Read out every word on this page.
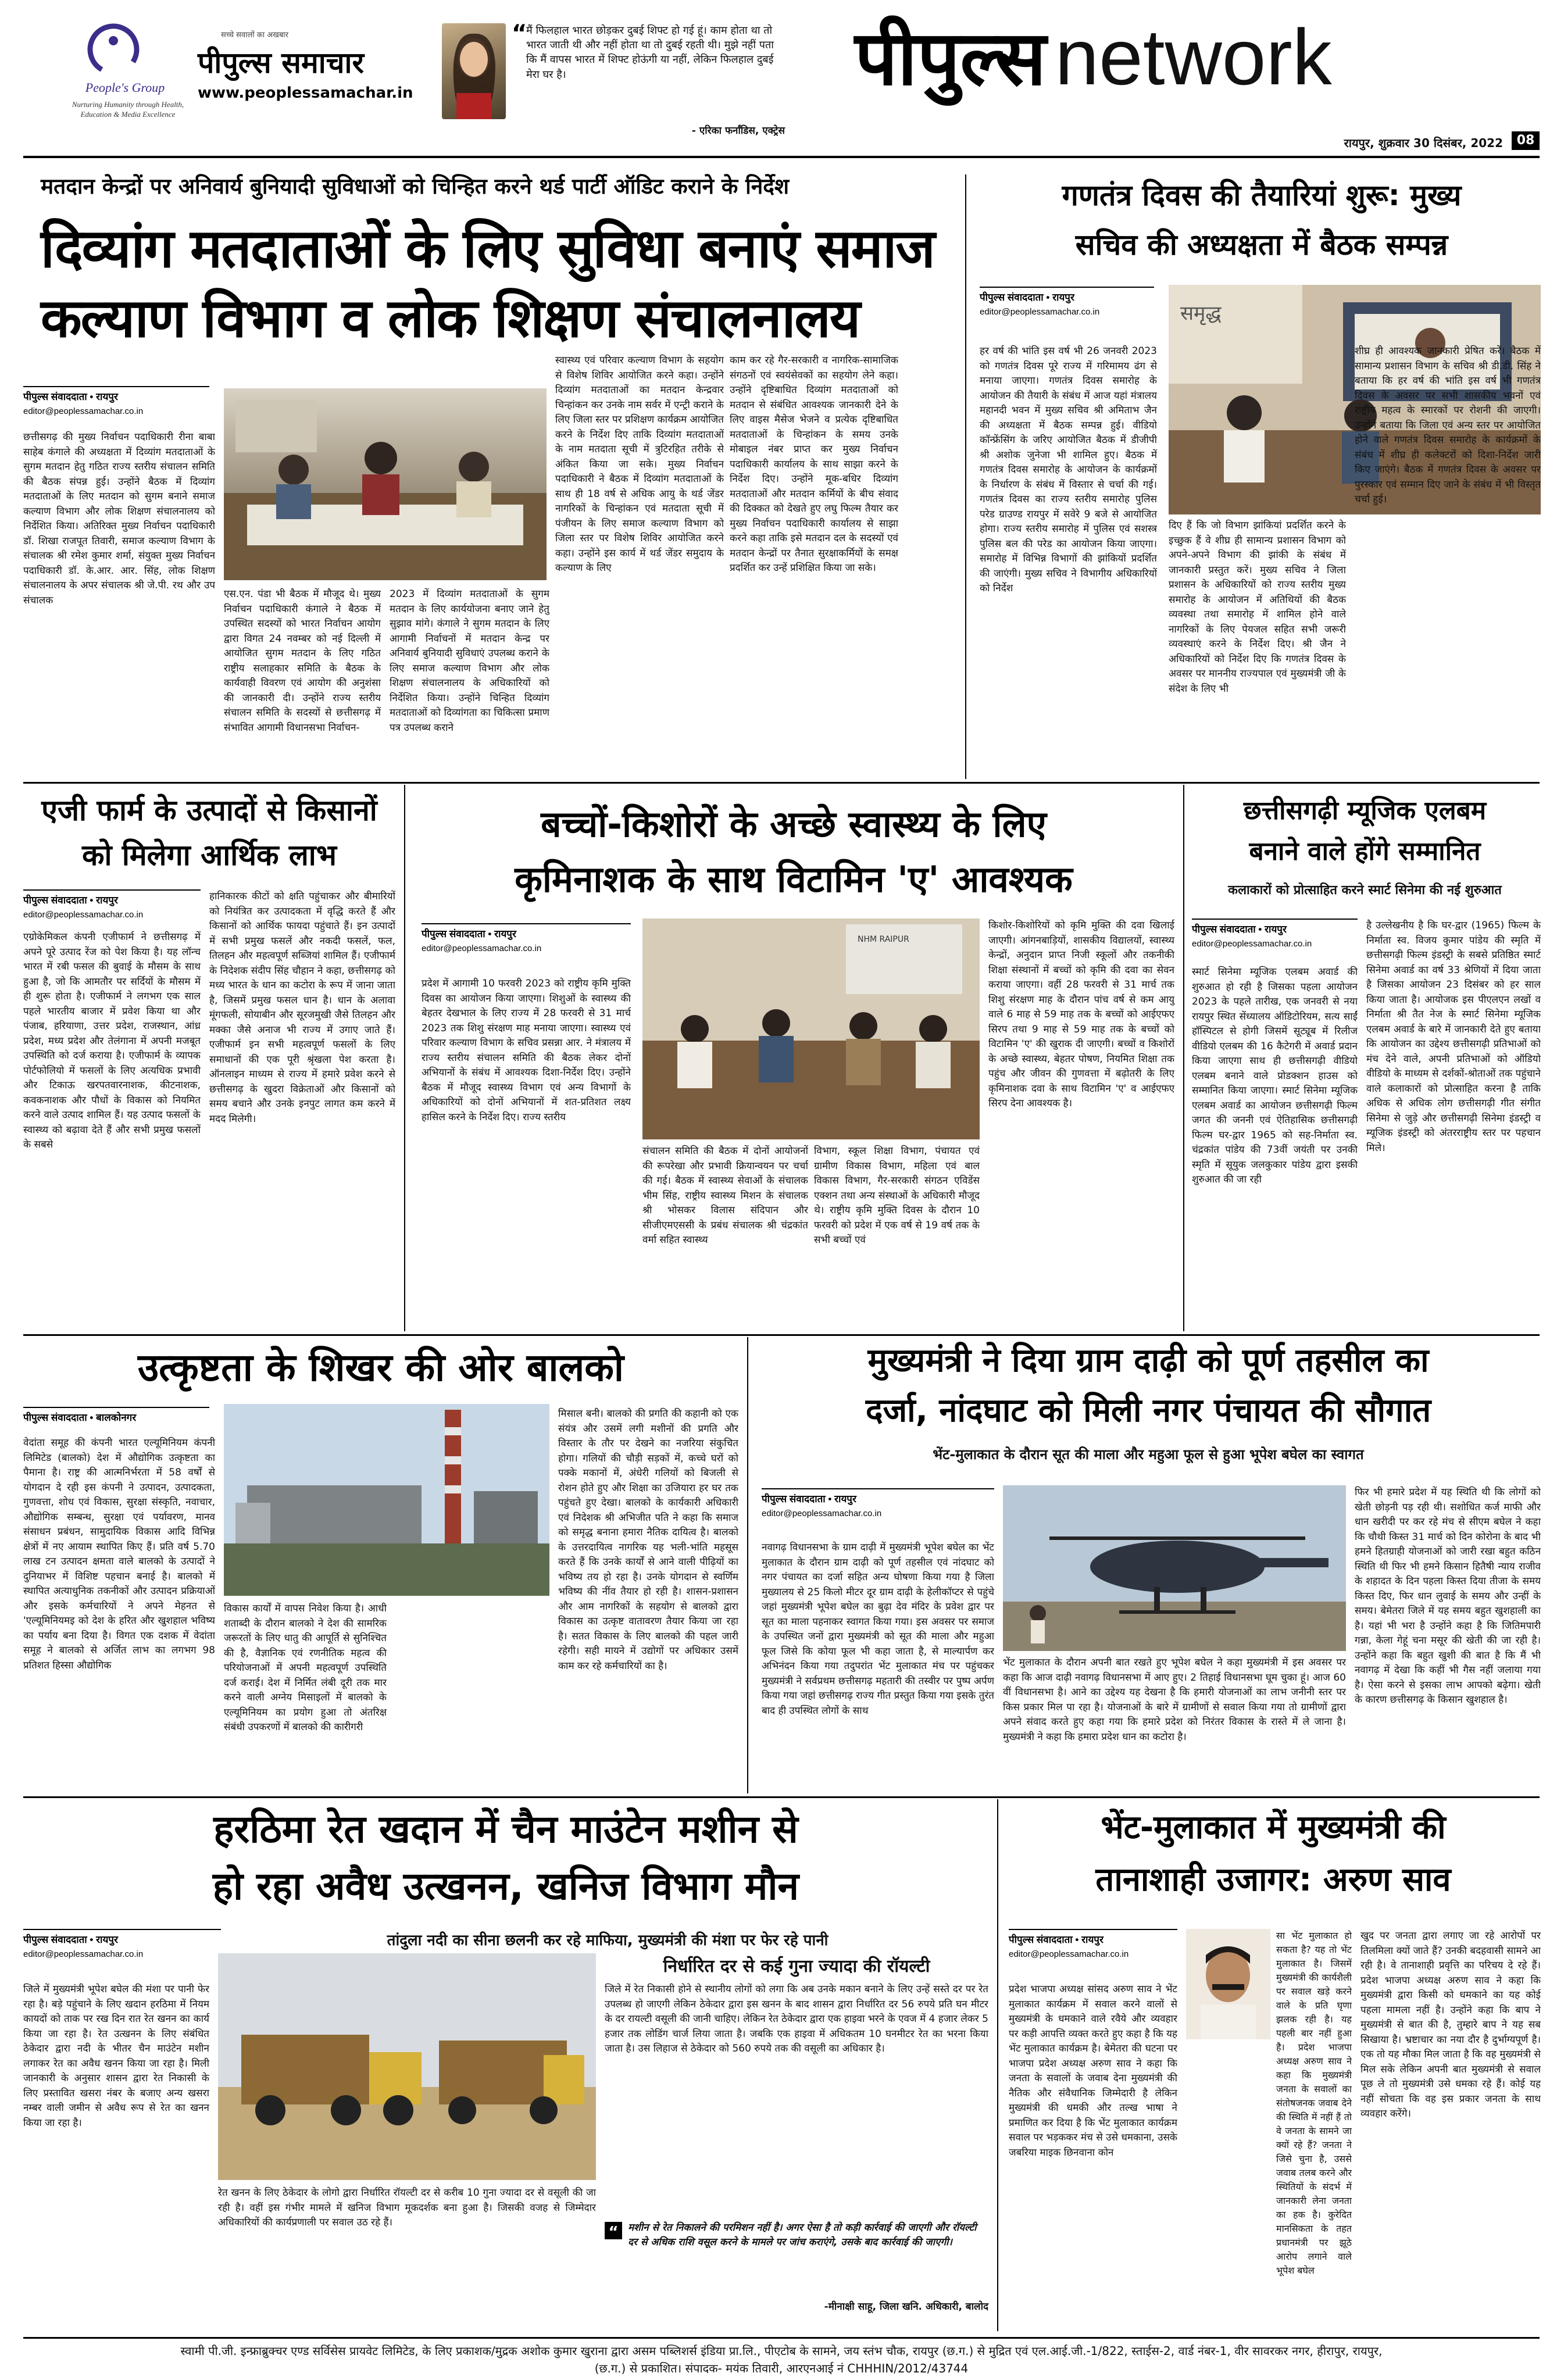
People's Group
Nurturing Humanity through Health, Education & Media Excellence
सच्चे सवालों का अखबार
पीपुल्स समाचार
www.peoplessamachar.in
“
मैं फिलहाल भारत छोड़कर दुबई शिफ्ट हो गई हूं। काम होता था तो भारत जाती थी और नहीं होता था तो दुबई रहती थी। मुझे नहीं पता कि मैं वापस भारत में शिफ्ट होऊंगी या नहीं, लेकिन फिलहाल दुबई मेरा घर है।
- एरिका फर्नांडिस, एक्ट्रेस
पीपुल्स network
रायपुर, शुक्रवार 30 दिसंबर, 2022	08
मतदान केन्द्रों पर अनिवार्य बुनियादी सुविधाओं को चिन्हित करने थर्ड पार्टी ऑडिट कराने के निर्देश
दिव्यांग मतदाताओं के लिए सुविधा बनाएं समाज
कल्याण विभाग व लोक शिक्षण संचालनालय
पीपुल्स संवाददाता • रायपुर
editor@peoplessamachar.co.in
छत्तीसगढ़ की मुख्य निर्वाचन पदाधिकारी रीना बाबा साहेब कंगाले की अध्यक्षता में दिव्यांग मतदाताओं के सुगम मतदान हेतु गठित राज्य स्तरीय संचालन समिति की बैठक संपन्न हुई। उन्होंने बैठक में दिव्यांग मतदाताओं के लिए मतदान को सुगम बनाने समाज कल्याण विभाग और लोक शिक्षण संचालनालय को निर्देशित किया। अतिरिक्त मुख्य निर्वाचन पदाधिकारी डॉ. शिखा राजपूत तिवारी, समाज कल्याण विभाग के संचालक श्री रमेश कुमार शर्मा, संयुक्त मुख्य निर्वाचन पदाधिकारी डॉ. के.आर. आर. सिंह, लोक शिक्षण संचालनालय के अपर संचालक श्री जे.पी. रथ और उप संचालक
एस.एन. पंडा भी बैठक में मौजूद थे। मुख्य निर्वाचन पदाधिकारी कंगाले ने बैठक में उपस्थित सदस्यों को भारत निर्वाचन आयोग द्वारा विगत 24 नवम्बर को नई दिल्ली में आयोजित सुगम मतदान के लिए गठित राष्ट्रीय सलाहकार समिति के बैठक के कार्यवाही विवरण एवं आयोग की अनुशंसा की जानकारी दी। उन्होंने राज्य स्तरीय संचालन समिति के सदस्यों से छत्तीसगढ़ में संभावित आगामी विधानसभा निर्वाचन-
2023 में दिव्यांग मतदाताओं के सुगम मतदान के लिए कार्ययोजना बनाए जाने हेतु सुझाव मांगे। कंगाले ने सुगम मतदान के लिए आगामी निर्वाचनों में मतदान केन्द्र पर अनिवार्य बुनियादी सुविधाएं उपलब्ध कराने के लिए समाज कल्याण विभाग और लोक शिक्षण संचालनालय के अधिकारियों को निर्देशित किया। उन्होंने चिन्हित दिव्यांग मतदाताओं को दिव्यांगता का चिकित्सा प्रमाण पत्र उपलब्ध कराने
स्वास्थ्य एवं परिवार कल्याण विभाग के सहयोग से विशेष शिविर आयोजित करने कहा। उन्होंने दिव्यांग मतदाताओं का मतदान केन्द्रवार चिन्हांकन कर उनके नाम सर्वर में एन्ट्री कराने के लिए जिला स्तर पर प्रशिक्षण कार्यक्रम आयोजित करने के निर्देश दिए ताकि दिव्यांग मतदाताओं के नाम मतदाता सूची में त्रुटिरहित तरीके से अंकित किया जा सके। मुख्य निर्वाचन पदाधिकारी ने बैठक में दिव्यांग मतदाताओं के साथ ही 18 वर्ष से अधिक आयु के थर्ड जेंडर नागरिकों के चिन्हांकन एवं मतदाता सूची में पंजीयन के लिए समाज कल्याण विभाग को जिला स्तर पर विशेष शिविर आयोजित करने कहा। उन्होंने इस कार्य में थर्ड जेंडर समुदाय के कल्याण के लिए
काम कर रहे गैर-सरकारी व नागरिक-सामाजिक संगठनों एवं स्वयंसेवकों का सहयोग लेने कहा। उन्होंने दृष्टिबाधित दिव्यांग मतदाताओं को मतदान से संबंधित आवश्यक जानकारी देने के लिए वाइस मैसेज भेजने व प्रत्येक दृष्टिबाधित मतदाताओं के चिन्हांकन के समय उनके मोबाइल नंबर प्राप्त कर मुख्य निर्वाचन पदाधिकारी कार्यालय के साथ साझा करने के निर्देश दिए। उन्होंने मूक-बधिर दिव्यांग मतदाताओं और मतदान कर्मियों के बीच संवाद की दिक्कत को देखते हुए लघु फिल्म तैयार कर मुख्य निर्वाचन पदाधिकारी कार्यालय से साझा करने कहा ताकि इसे मतदान दल के सदस्यों एवं मतदान केन्द्रों पर तैनात सुरक्षाकर्मियों के समक्ष प्रदर्शित कर उन्हें प्रशिक्षित किया जा सके।
गणतंत्र दिवस की तैयारियां शुरू: मुख्य
सचिव की अध्यक्षता में बैठक सम्पन्न
पीपुल्स संवाददाता • रायपुर
editor@peoplessamachar.co.in
हर वर्ष की भांति इस वर्ष भी 26 जनवरी 2023 को गणतंत्र दिवस पूरे राज्य में गरिमामय ढंग से मनाया जाएगा। गणतंत्र दिवस समारोह के आयोजन की तैयारी के संबंध में आज यहां मंत्रालय महानदी भवन में मुख्य सचिव श्री अमिताभ जैन की अध्यक्षता में बैठक सम्पन्न हुई। वीडियो कॉन्फ्रेंसिंग के जरिए आयोजित बैठक में डीजीपी श्री अशोक जुनेजा भी शामिल हुए। बैठक में गणतंत्र दिवस समारोह के आयोजन के कार्यक्रमों के निर्धारण के संबंध में विस्तार से चर्चा की गई। गणतंत्र दिवस का राज्य स्तरीय समारोह पुलिस परेड ग्राउण्ड रायपुर में सवेरे 9 बजे से आयोजित होगा। राज्य स्तरीय समारोह में पुलिस एवं सशस्त्र पुलिस बल की परेड का आयोजन किया जाएगा। समारोह में विभिन्न विभागों की झांकियों प्रदर्शित की जाएंगी। मुख्य सचिव ने विभागीय अधिकारियों को निर्देश
समृद्ध
दिए हैं कि जो विभाग झांकियां प्रदर्शित करने के इच्छुक हैं वे शीघ्र ही सामान्य प्रशासन विभाग को अपने-अपने विभाग की झांकी के संबंध में जानकारी प्रस्तुत करें। मुख्य सचिव ने जिला प्रशासन के अधिकारियों को राज्य स्तरीय मुख्य समारोह के आयोजन में अतिथियों की बैठक व्यवस्था तथा समारोह में शामिल होने वाले नागरिकों के लिए पेयजल सहित सभी जरूरी व्यवस्थाएं करने के निर्देश दिए। श्री जैन ने अधिकारियों को निर्देश दिए कि गणतंत्र दिवस के अवसर पर माननीय राज्यपाल एवं मुख्यमंत्री जी के संदेश के लिए भी
शीघ्र ही आवश्यक जानकारी प्रेषित करें। बैठक में सामान्य प्रशासन विभाग के सचिव श्री डी.डी. सिंह ने बताया कि हर वर्ष की भांति इस वर्ष भी गणतंत्र दिवस के अवसर पर सभी शासकीय भवनों एवं राष्ट्रीय महत्व के स्मारकों पर रोशनी की जाएगी। उन्होंने बताया कि जिला एवं अन्य स्तर पर आयोजित होने वाले गणतंत्र दिवस समारोह के कार्यक्रमों के संबंध में शीघ्र ही कलेक्टरों को दिशा-निर्देश जारी किए जाएंगे। बैठक में गणतंत्र दिवस के अवसर पर पुरस्कार एवं सम्मान दिए जाने के संबंध में भी विस्तृत चर्चा हुई।
एजी फार्म के उत्पादों से किसानों
को मिलेगा आर्थिक लाभ
पीपुल्स संवाददाता • रायपुर
editor@peoplessamachar.co.in
एग्रोकेमिकल कंपनी एजीफार्म ने छत्तीसगढ़ में अपने पूरे उत्पाद रेंज को पेश किया है। यह लॉन्च भारत में रबी फसल की बुवाई के मौसम के साथ हुआ है, जो कि आमतौर पर सर्दियों के मौसम में ही शुरू होता है। एजीफार्म ने लगभग एक साल पहले भारतीय बाजार में प्रवेश किया था और पंजाब, हरियाणा, उत्तर प्रदेश, राजस्थान, आंध्र प्रदेश, मध्य प्रदेश और तेलंगाना में अपनी मजबूत उपस्थिति को दर्ज कराया है। एजीफार्म के व्यापक पोर्टफोलियो में फसलों के लिए अत्यधिक प्रभावी और टिकाऊ खरपतवारनाशक, कीटनाशक, कवकनाशक और पौधों के विकास को नियमित करने वाले उत्पाद शामिल हैं। यह उत्पाद फसलों के स्वास्थ्य को बढ़ावा देते हैं और सभी प्रमुख फसलों के सबसे
हानिकारक कीटों को क्षति पहुंचाकर और बीमारियों को नियंत्रित कर उत्पादकता में वृद्धि करते हैं और किसानों को आर्थिक फायदा पहुंचाते हैं। इन उत्पादों में सभी प्रमुख फसलें और नकदी फसलें, फल, तिलहन और महत्वपूर्ण सब्जियां शामिल हैं। एजीफार्म के निदेशक संदीप सिंह चौहान ने कहा, छत्तीसगढ़ को मध्य भारत के धान का कटोरा के रूप में जाना जाता है, जिसमें प्रमुख फसल धान है। धान के अलावा मूंगफली, सोयाबीन और सूरजमुखी जैसे तिलहन और मक्का जैसे अनाज भी राज्य में उगाए जाते हैं। एजीफार्म इन सभी महत्वपूर्ण फसलों के लिए समाधानों की एक पूरी श्रृंखला पेश करता है। ऑनलाइन माध्यम से राज्य में हमारे प्रवेश करने से छत्तीसगढ़ के खुदरा विक्रेताओं और किसानों को समय बचाने और उनके इनपुट लागत कम करने में मदद मिलेगी।
बच्चों-किशोरों के अच्छे स्वास्थ्य के लिए
कृमिनाशक के साथ विटामिन 'ए' आवश्यक
पीपुल्स संवाददाता • रायपुर
editor@peoplessamachar.co.in
प्रदेश में आगामी 10 फरवरी 2023 को राष्ट्रीय कृमि मुक्ति दिवस का आयोजन किया जाएगा। शिशुओं के स्वास्थ्य की बेहतर देखभाल के लिए राज्य में 28 फरवरी से 31 मार्च 2023 तक शिशु संरक्षण माह मनाया जाएगा। स्वास्थ्य एवं परिवार कल्याण विभाग के सचिव प्रसन्ना आर. ने मंत्रालय में राज्य स्तरीय संचालन समिति की बैठक लेकर दोनों अभियानों के संबंध में आवश्यक दिशा-निर्देश दिए। उन्होंने बैठक में मौजूद स्वास्थ्य विभाग एवं अन्य विभागों के अधिकारियों को दोनों अभियानों में शत-प्रतिशत लक्ष्य हासिल करने के निर्देश दिए। राज्य स्तरीय
NHM RAIPUR
संचालन समिति की बैठक में दोनों आयोजनों की रूपरेखा और प्रभावी क्रियान्वयन पर चर्चा की गई। बैठक में स्वास्थ्य सेवाओं के संचालक भीम सिंह, राष्ट्रीय स्वास्थ्य मिशन के संचालक श्री भोसकर विलास संदिपान और सीजीएमएससी के प्रबंध संचालक श्री चंद्रकांत वर्मा सहित स्वास्थ्य
विभाग, स्कूल शिक्षा विभाग, पंचायत एवं ग्रामीण विकास विभाग, महिला एवं बाल विकास विभाग, गैर-सरकारी संगठन एविडेंस एक्शन तथा अन्य संस्थाओं के अधिकारी मौजूद थे। राष्ट्रीय कृमि मुक्ति दिवस के दौरान 10 फरवरी को प्रदेश में एक वर्ष से 19 वर्ष तक के सभी बच्चों एवं
किशोर-किशोरियों को कृमि मुक्ति की दवा खिलाई जाएगी। आंगनबाड़ियों, शासकीय विद्यालयों, स्वास्थ्य केन्द्रों, अनुदान प्राप्त निजी स्कूलों और तकनीकी शिक्षा संस्थानों में बच्चों को कृमि की दवा का सेवन कराया जाएगा। वहीं 28 फरवरी से 31 मार्च तक शिशु संरक्षण माह के दौरान पांच वर्ष से कम आयु वाले 6 माह से 59 माह तक के बच्चों को आईएफए सिरप तथा 9 माह से 59 माह तक के बच्चों को विटामिन 'ए' की खुराक दी जाएगी। बच्चों व किशोरों के अच्छे स्वास्थ्य, बेहतर पोषण, नियमित शिक्षा तक पहुंच और जीवन की गुणवत्ता में बढ़ोतरी के लिए कृमिनाशक दवा के साथ विटामिन 'ए' व आईएफए सिरप देना आवश्यक है।
छत्तीसगढ़ी म्यूजिक एलबम
बनाने वाले होंगे सम्मानित
कलाकारों को प्रोत्साहित करने स्मार्ट सिनेमा की नई शुरुआत
पीपुल्स संवाददाता • रायपुर
editor@peoplessamachar.co.in
स्मार्ट सिनेमा म्यूजिक एलबम अवार्ड की शुरुआत हो रही है जिसका पहला आयोजन 2023 के पहले तारीख, एक जनवरी से नया रायपुर स्थित सेंध्यालय ऑडिटोरियम, सत्य साईं हॉस्पिटल से होगी जिसमें सूट्यूब में रिलीज वीडियो एलबम की 16 कैटेगरी में अवार्ड प्रदान किया जाएगा साथ ही छत्तीसगढ़ी वीडियो एलबम बनाने वाले प्रोडक्शन हाउस को सम्मानित किया जाएगा। स्मार्ट सिनेमा म्यूजिक एलबम अवार्ड का आयोजन छत्तीसगढ़ी फिल्म जगत की जननी एवं ऐतिहासिक छत्तीसगढ़ी फिल्म घर-द्वार 1965 को सह-निर्माता स्व. चंद्रकांत पांडेय की 73वीं जयंती पर उनकी स्मृति में सूयुक जलकुकार पांडेय द्वारा इसकी शुरुआत की जा रही
है उल्लेखनीय है कि घर-द्वार (1965) फिल्म के निर्माता स्व. विजय कुमार पांडेय की स्मृति में छत्तीसगढ़ी फिल्म इंडस्ट्री के सबसे प्रतिष्ठित स्मार्ट सिनेमा अवार्ड का वर्ष 33 श्रेणियों में दिया जाता है जिसका आयोजन 23 दिसंबर को हर साल किया जाता है। आयोजक इस पीएलएन लखों व निर्माता श्री तैत नेज के स्मार्ट सिनेमा म्यूजिक एलबम अवार्ड के बारे में जानकारी देते हुए बताया कि आयोजन का उद्देश्य छत्तीसगढ़ी प्रतिभाओं को मंच देने वाले, अपनी प्रतिभाओं को ऑडियो वीडियो के माध्यम से दर्शकों-श्रोताओं तक पहुंचाने वाले कलाकारों को प्रोत्साहित करना है ताकि अधिक से अधिक लोग छत्तीसगढ़ी गीत संगीत सिनेमा से जुड़े और छत्तीसगढ़ी सिनेमा इंडस्ट्री व म्यूजिक इंडस्ट्री को अंतरराष्ट्रीय स्तर पर पहचान मिले।
उत्कृष्टता के शिखर की ओर बालको
पीपुल्स संवाददाता • बालकोनगर
वेदांता समूह की कंपनी भारत एल्यूमिनियम कंपनी लिमिटेड (बालको) देश में औद्योगिक उत्कृष्टता का पैमाना है। राष्ट्र की आत्मनिर्भरता में 58 वर्षों से योगदान दे रही इस कंपनी ने उत्पादन, उत्पादकता, गुणवत्ता, शोध एवं विकास, सुरक्षा संस्कृति, नवाचार, औद्योगिक सम्बन्ध, सुरक्षा एवं पर्यावरण, मानव संसाधन प्रबंधन, सामुदायिक विकास आदि विभिन्न क्षेत्रों में नए आयाम स्थापित किए हैं। प्रति वर्ष 5.70 लाख टन उत्पादन क्षमता वाले बालको के उत्पादों ने दुनियाभर में विशिष्ट पहचान बनाई है। बालको में स्थापित अत्याधुनिक तकनीकों और उत्पादन प्रक्रियाओं और इसके कर्मचारियों ने अपने मेहनत से 'एल्यूमिनियमइ को देश के हरित और खुशहाल भविष्य का पर्याय बना दिया है। विगत एक दशक में वेदांता समूह ने बालको से अर्जित लाभ का लगभग 98 प्रतिशत हिस्सा औद्योगिक
विकास कार्यों में वापस निवेश किया है। आधी शताब्दी के दौरान बालको ने देश की सामरिक जरूरतों के लिए धातु की आपूर्ति से सुनिश्चित की है, वैज्ञानिक एवं रणनीतिक महत्व की परियोजनाओं में अपनी महत्वपूर्ण उपस्थिति दर्ज कराई। देश में निर्मित लंबी दूरी तक मार करने वाली अग्नेय मिसाइलों में बालको के एल्यूमिनियम का प्रयोग हुआ तो अंतरिक्ष संबंधी उपकरणों में बालको की कारीगरी
मिसाल बनी। बालको की प्रगति की कहानी को एक संयंत्र और उसमें लगी मशीनों की प्रगति और विस्तार के तौर पर देखने का नजरिया संकुचित होगा। गलियों की चौड़ी सड़कों में, कच्चे घरों को पक्के मकानों में, अंधेरी गलियों को बिजली से रोशन होते हुए और शिक्षा का उजियारा हर घर तक पहुंचते हुए देखा। बालको के कार्यकारी अधिकारी एवं निदेशक श्री अभिजीत पति ने कहा कि समाज को समृद्ध बनाना हमारा नैतिक दायित्व है। बालको के उत्तरदायित्व नागरिक यह भली-भांति महसूस करते हैं कि उनके कार्यों से आने वाली पीढ़ियों का भविष्य तय हो रहा है। उनके योगदान से स्वर्णिम भविष्य की नींव तैयार हो रही है। शासन-प्रशासन और आम नागरिकों के सहयोग से बालको द्वारा विकास का उत्कृष्ट वातावरण तैयार किया जा रहा है। सतत विकास के लिए बालको की पहल जारी रहेगी। सही मायने में उद्योगों पर अधिकार उसमें काम कर रहे कर्मचारियों का है।
मुख्यमंत्री ने दिया ग्राम दाढ़ी को पूर्ण तहसील का
दर्जा, नांदघाट को मिली नगर पंचायत की सौगात
भेंट-मुलाकात के दौरान सूत की माला और महुआ फूल से हुआ भूपेश बघेल का स्वागत
पीपुल्स संवाददाता • रायपुर
editor@peoplessamachar.co.in
नवागढ़ विधानसभा के ग्राम दाढ़ी में मुख्यमंत्री भूपेश बघेल का भेंट मुलाकात के दौरान ग्राम दाढ़ी को पूर्ण तहसील एवं नांदघाट को नगर पंचायत का दर्जा सहित अन्य घोषणा किया गया है जिला मुख्यालय से 25 किलो मीटर दूर ग्राम दाढ़ी के हेलीकॉप्टर से पहुंचे जहां मुख्यमंत्री भूपेश बघेल का बुढ़ा देव मंदिर के प्रवेश द्वार पर सूत का माला पहनाकर स्वागत किया गया। इस अवसर पर समाज के उपस्थित जनों द्वारा मुख्यमंत्री को सूत की माला और महुआ फूल जिसे कि कोया फूल भी कहा जाता है, से माल्यार्पण कर अभिनंदन किया गया तदुपरांत भेंट मुलाकात मंच पर पहुंचकर मुख्यमंत्री ने सर्वप्रथम छत्तीसगढ़ महतारी की तस्वीर पर पुष्प अर्पण किया गया जहां छत्तीसगढ़ राज्य गीत प्रस्तुत किया गया इसके तुरंत बाद ही उपस्थित लोगों के साथ
भेंट मुलाकात के दौरान अपनी बात रखते हुए भूपेश बघेल ने कहा मुख्यमंत्री में इस अवसर पर कहा कि आज दाढ़ी नवागढ़ विधानसभा में आए हुए। 2 तिहाई विधानसभा घूम चुका हूं। आज 60 वीं विधानसभा है। आने का उद्देश्य यह देखना है कि हमारी योजनाओं का लाभ जनीनी स्तर पर किस प्रकार मिल पा रहा है। योजनाओं के बारे में ग्रामीणों से सवाल किया गया तो ग्रामीणों द्वारा अपने संवाद करते हुए कहा गया कि हमारे प्रदेश को निरंतर विकास के रास्ते में ले जाना है। मुख्यमंत्री ने कहा कि हमारा प्रदेश धान का कटोरा है।
फिर भी हमारे प्रदेश में यह स्थिति थी कि लोगों को खेती छोड़नी पड़ रही थी। सशोधित कर्ज माफी और धान खरीदी पर कर रहे मंच से सीएम बघेल ने कहा कि चौथी किस्त 31 मार्च को दिन कोरोना के बाद भी हमने हितग्राही योजनाओं को जारी रखा बहुत कठिन स्थिति थी फिर भी हमने किसान हितैषी न्याय राजीव के शहादत के दिन पहला किस्त दिया तीजा के समय किस्त दिए, फिर धान लुवाई के समय और उन्हीं के समय। बेमेतरा जिले में यह समय बहुत खुशहाली का है। यहां भी भरा है उन्होंने कहा है कि जितिमपारी गन्ना, केला गेहूं चना मसूर की खेती की जा रही है। उन्होंने कहा कि बहुत खुशी की बात है कि मैं भी नवागढ़ में देखा कि कहीं भी गैस नहीं जलाया गया है। ऐसा करने से इसका लाभ आपको बढ़ेगा। खेती के कारण छत्तीसगढ़ के किसान खुशहाल है।
हरठिमा रेत खदान में चैन माउंटेन मशीन से
हो रहा अवैध उत्खनन, खनिज विभाग मौन
पीपुल्स संवाददाता • रायपुर
editor@peoplessamachar.co.in
तांदुला नदी का सीना छलनी कर रहे माफिया, मुख्यमंत्री की मंशा पर फेर रहे पानी
जिले में मुख्यमंत्री भूपेश बघेल की मंशा पर पानी फेर रहा है। बड़े पहुंचाने के लिए खदान हरठिमा में नियम कायदों को ताक पर रख दिन रात रेत खनन का कार्य किया जा रहा है। रेत उत्खनन के लिए संबंधित ठेकेदार द्वारा नदी के भीतर चैन माउंटेन मशीन लगाकर रेत का अवैध खनन किया जा रहा है। मिली जानकारी के अनुसार शासन द्वारा रेत निकासी के लिए प्रस्तावित खसरा नंबर के बजाए अन्य खसरा नम्बर वाली जमीन से अवैध रूप से रेत का खनन किया जा रहा है।
रेत खनन के लिए ठेकेदार के लोगो द्वारा निर्धारित रॉयल्टी दर से करीब 10 गुना ज्यादा दर से वसूली की जा रही है। वहीं इस गंभीर मामले में खनिज विभाग मूकदर्शक बना हुआ है। जिसकी वजह से जिम्मेदार अधिकारियों की कार्यप्रणाली पर सवाल उठ रहे हैं।
निर्धारित दर से कई गुना ज्यादा की रॉयल्टी
जिले में रेत निकासी होने से स्थानीय लोगों को लगा कि अब उनके मकान बनाने के लिए उन्हें सस्ते दर पर रेत उपलब्ध हो जाएगी लेकिन ठेकेदार द्वारा इस खनन के बाद शासन द्वारा निर्धारित दर 56 रुपये प्रति घन मीटर के दर रायल्टी वसूली की जानी चाहिए। लेकिन रेत ठेकेदार द्वारा एक हाइवा भरने के एवज में 4 हजार लेकर 5 हजार तक लोडिंग चार्ज लिया जाता है। जबकि एक हाइवा में अधिकतम 10 घनमीटर रेत का भरना किया जाता है। उस लिहाज से ठेकेदार को 560 रुपये तक की वसूली का अधिकार है।
“ मशीन से रेत निकालने की परमिशन नहीं है। अगर ऐसा है तो कड़ी कार्रवाई की जाएगी और रॉयल्टी दर से अधिक राशि वसूल करने के मामले पर जांच कराएंगे, उसके बाद कार्रवाई की जाएगी।
-मीनाक्षी साहू, जिला खनि. अधिकारी, बालोद
भेंट-मुलाकात में मुख्यमंत्री की
तानाशाही उजागर: अरुण साव
पीपुल्स संवाददाता • रायपुर
editor@peoplessamachar.co.in
प्रदेश भाजपा अध्यक्ष सांसद अरुण साव ने भेंट मुलाकात कार्यक्रम में सवाल करने वालों से मुख्यमंत्री के धमकाने वाले रवैये और व्यवहार पर कड़ी आपत्ति व्यक्त करते हुए कहा है कि यह भेंट मुलाकात कार्यक्रम है। बेमेतरा की घटना पर भाजपा प्रदेश अध्यक्ष अरुण साव ने कहा कि जनता के सवालों के जवाब देना मुख्यमंत्री की नैतिक और संवैधानिक जिम्मेदारी है लेकिन मुख्यमंत्री की धमकी और तल्ख भाषा ने प्रमाणित कर दिया है कि भेंट मुलाकात कार्यक्रम सवाल पर भड़ककर मंच से उसे धमकाना, उसके जबरिया माइक छिनवाना कोन
सा भेंट मुलाकात हो सकता है? यह तो भेंट मुलाकात है। जिसमें मुख्यमंत्री की कार्यशैली पर सवाल खड़े करने वाले के प्रति घृणा झलक रही है। यह पहली बार नहीं हुआ है। प्रदेश भाजपा अध्यक्ष अरुण साव ने कहा कि मुख्यमंत्री जनता के सवालों का संतोषजनक जवाब देने की स्थिति में नहीं हैं तो वे जनता के सामने जा क्यों रहे हैं? जनता ने जिसे चुना है, उससे जवाब तलब करने और स्थितियों के संदर्भ में जानकारी लेना जनता का हक है। कुरेदित मानसिकता के तहत प्रधानमंत्री पर झूठे आरोप लगाने वाले भूपेश बघेल
खुद पर जनता द्वारा लगाए जा रहे आरोपों पर तिलमिला क्यों जाते हैं? उनकी बदहवासी सामने आ रही है। वे तानाशाही प्रवृत्ति का परिचय दे रहे हैं। प्रदेश भाजपा अध्यक्ष अरुण साव ने कहा कि मुख्यमंत्री द्वारा किसी को धमकाने का यह कोई पहला मामला नहीं है। उन्होंने कहा कि बाप ने मुख्यमंत्री से बात की है, तुम्हारे बाप ने यह सब सिखाया है। भ्रष्टाचार का नया दौर है दुर्भाग्यपूर्ण है। एक तो यह मौका मिल जाता है कि वह मुख्यमंत्री से मिल सके लेकिन अपनी बात मुख्यमंत्री से सवाल पूछ ले तो मुख्यमंत्री उसे धमका रहे हैं। कोई यह नहीं सोचता कि वह इस प्रकार जनता के साथ व्यवहार करेंगे।
स्वामी पी.जी. इन्फ्राब्रुक्चर एण्ड सर्विसेस प्रायवेट लिमिटेड, के लिए प्रकाशक/मुद्रक अशोक कुमार खुराना द्वारा असम पब्लिशर्स इंडिया प्रा.लि., पीएटोब के सामने, जय स्तंभ चौक, रायपुर (छ.ग.) से मुद्रित एवं एल.आई.जी.-1/822, स्ताईस-2, वार्ड नंबर-1, वीर सावरकर नगर, हीरापुर, रायपुर,
(छ.ग.) से प्रकाशित। संपादक- मयंक तिवारी, आरएनआई नं CHHHIN/2012/43744
